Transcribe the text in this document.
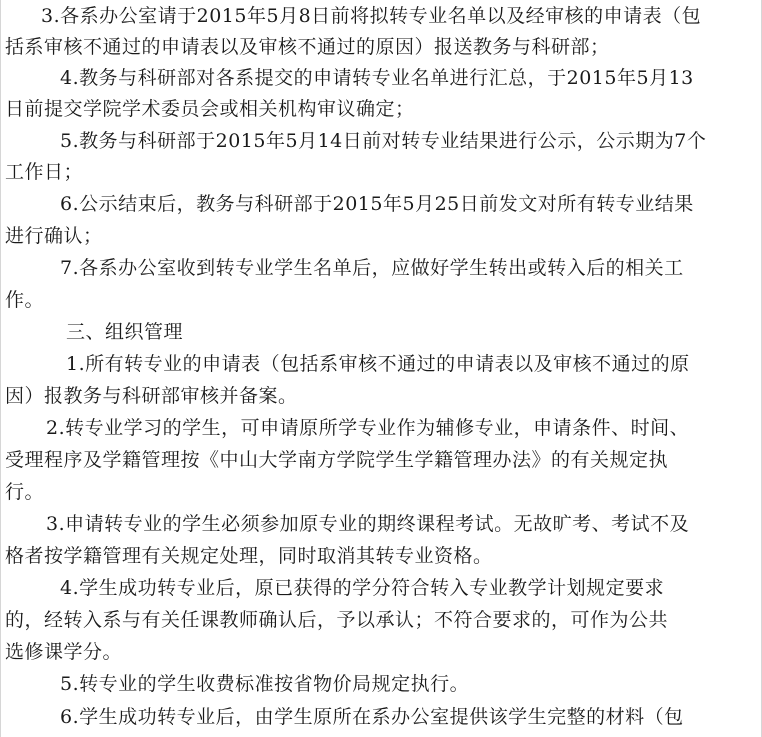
3.各系办公室请于2015年5月8日前将拟转专业名单以及经审核的申请表（包
括系审核不通过的申请表以及审核不通过的原因）报送教务与科研部；
4.教务与科研部对各系提交的申请转专业名单进行汇总，于2015年5月13
日前提交学院学术委员会或相关机构审议确定；
5.教务与科研部于2015年5月14日前对转专业结果进行公示，公示期为7个
工作日；
6.公示结束后，教务与科研部于2015年5月25日前发文对所有转专业结果
进行确认；
7.各系办公室收到转专业学生名单后，应做好学生转出或转入后的相关工
作。
三、组织管理
1.所有转专业的申请表（包括系审核不通过的申请表以及审核不通过的原
因）报教务与科研部审核并备案。
2.转专业学习的学生，可申请原所学专业作为辅修专业，申请条件、时间、
受理程序及学籍管理按《中山大学南方学院学生学籍管理办法》的有关规定执
行。
3.申请转专业的学生必须参加原专业的期终课程考试。无故旷考、考试不及
格者按学籍管理有关规定处理，同时取消其转专业资格。
4.学生成功转专业后，原已获得的学分符合转入专业教学计划规定要求
的，经转入系与有关任课教师确认后，予以承认；不符合要求的，可作为公共
选修课学分。
5.转专业的学生收费标准按省物价局规定执行。
6.学生成功转专业后，由学生原所在系办公室提供该学生完整的材料（包
